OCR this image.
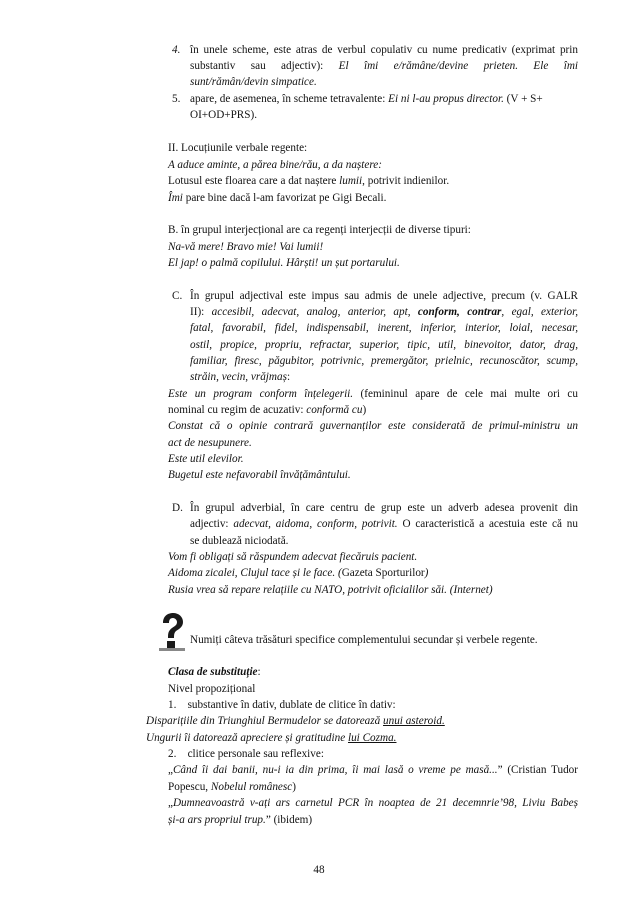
4. în unele scheme, este atras de verbul copulativ cu nume predicativ (exprimat prin
substantiv sau adjectiv): El îmi e/rămâne/devine prieten. Ele îmi
sunt/rămân/devin simpatice.
5. apare, de asemenea, în scheme tetravalente: Ei ni l-au propus director. (V + S+
OI+OD+PRS).
II. Locuțiunile verbale regente:
A aduce aminte, a părea bine/rău, a da naștere:
Lotusul este floarea care a dat naștere lumii, potrivit indienilor.
Îmi pare bine dacă l-am favorizat pe Gigi Becali.
B. în grupul interjecțional are ca regenți interjecții de diverse tipuri:
Na-vă mere! Bravo mie! Vai lumii!
El jap! o palmă copilului. Hârști! un șut portarului.
C. În grupul adjectival este impus sau admis de unele adjective, precum (v. GALR
II): accesibil, adecvat, analog, anterior, apt, conform, contrar, egal, exterior,
fatal, favorabil, fidel, indispensabil, inerent, inferior, interior, loial, necesar,
ostil, propice, propriu, refractar, superior, tipic, util, binevoitor, dator, drag,
familiar, firesc, păgubitor, potrivnic, premergător, prielnic, recunoscător, scump,
străin, vecin, vrăjmaș:
Este un program conform înțelegerii. (femininul apare de cele mai multe ori cu
nominal cu regim de acuzativ: conformă cu)
Constat că o opinie contrară guvernanților este considerată de primul-ministru un
act de nesupunere.
Este util elevilor.
Bugetul este nefavorabil învățământului.
D. În grupul adverbial, în care centru de grup este un adverb adesea provenit din
adjectiv: adecvat, aidoma, conform, potrivit. O caracteristică a acestuia este că nu
se dublează niciodată.
Vom fi obligați să răspundem adecvat fiecăruis pacient.
Aidoma zicalei, Clujul tace și le face. (Gazeta Sporturilor)
Rusia vrea să repare relațiile cu NATO, potrivit oficialilor săi. (Internet)
Numiți câteva trăsături specifice complementului secundar și verbele regente.
Clasa de substituție:
Nivel propozițional
1. substantive în dativ, dublate de clitice în dativ:
Disparițiile din Triunghiul Bermudelor se datorează unui asteroid.
Ungurii îi datorează apreciere și gratitudine lui Cozma.
2. clitice personale sau reflexive:
„Când îi dai banii, nu-i ia din prima, îi mai lasă o vreme pe masă...” (Cristian Tudor
Popescu, Nobelul românesc)
„Dumneavoastră v-ați ars carnetul PCR în noaptea de 21 decemnrie’98, Liviu Babeș
și-a ars propriul trup.” (ibidem)
48
